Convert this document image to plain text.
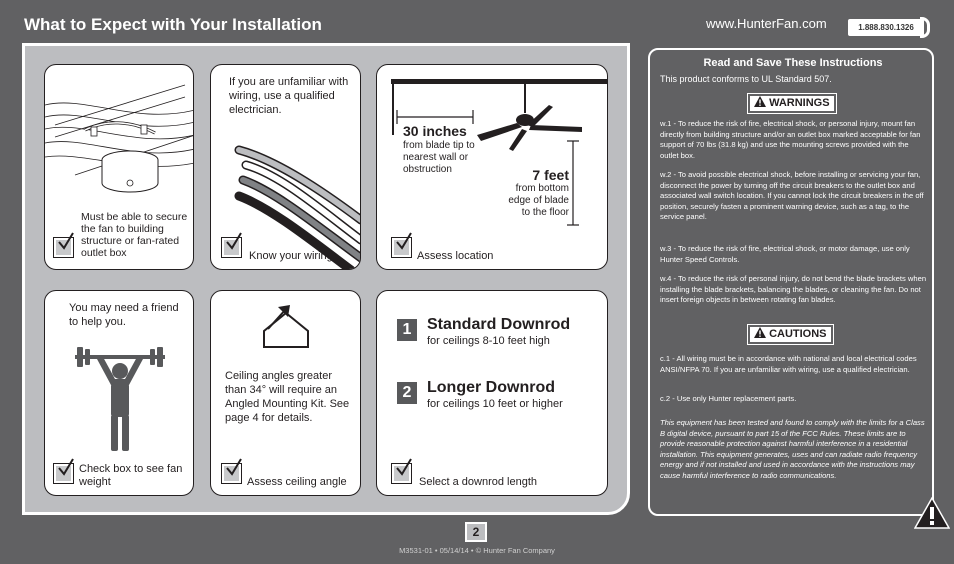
What to Expect with Your Installation	www.HunterFan.com	1.888.830.1326
Must be able to secure the fan to building structure or fan-rated outlet box
If you are unfamiliar with wiring, use a qualified electrician.
Know your wiring
30 inches
from blade tip to nearest wall or obstruction	7 feet
from bottom edge of blade to the floor
Assess location
You may need a friend to help you.
Check box to see fan weight
Ceiling angles greater than 34° will require an Angled Mounting Kit. See page 4 for details.
Assess ceiling angle
1 Standard Downrod
for ceilings 8-10 feet high
2 Longer Downrod
for ceilings 10 feet or higher
Select a downrod length
Read and Save These Instructions
This product conforms to UL Standard 507.
WARNINGS
w.1 - To reduce the risk of fire, electrical shock, or personal injury, mount fan directly from building structure and/or an outlet box marked acceptable for fan support of 70 lbs (31.8 kg) and use the mounting screws provided with the outlet box.
w.2 - To avoid possible electrical shock, before installing or servicing your fan, disconnect the power by turning off the circuit breakers to the outlet box and associated wall switch location. If you cannot lock the circuit breakers in the off position, securely fasten a prominent warning device, such as a tag, to the service panel.
w.3 - To reduce the risk of fire, electrical shock, or motor damage, use only Hunter Speed Controls.
w.4 - To reduce the risk of personal injury, do not bend the blade brackets when installing the blade brackets, balancing the blades, or cleaning the fan. Do not insert foreign objects in between rotating fan blades.
CAUTIONS
c.1 - All wiring must be in accordance with national and local electrical codes ANSI/NFPA 70. If you are unfamiliar with wiring, use a qualified electrician.
c.2 - Use only Hunter replacement parts.
This equipment has been tested and found to comply with the limits for a Class B digital device, pursuant to part 15 of the FCC Rules. These limits are to provide reasonable protection against harmful interference in a residential installation. This equipment generates, uses and can radiate radio frequency energy and if not installed and used in accordance with the instructions may cause harmful interference to radio communications.
2
M3531-01 • 05/14/14 • © Hunter Fan Company
